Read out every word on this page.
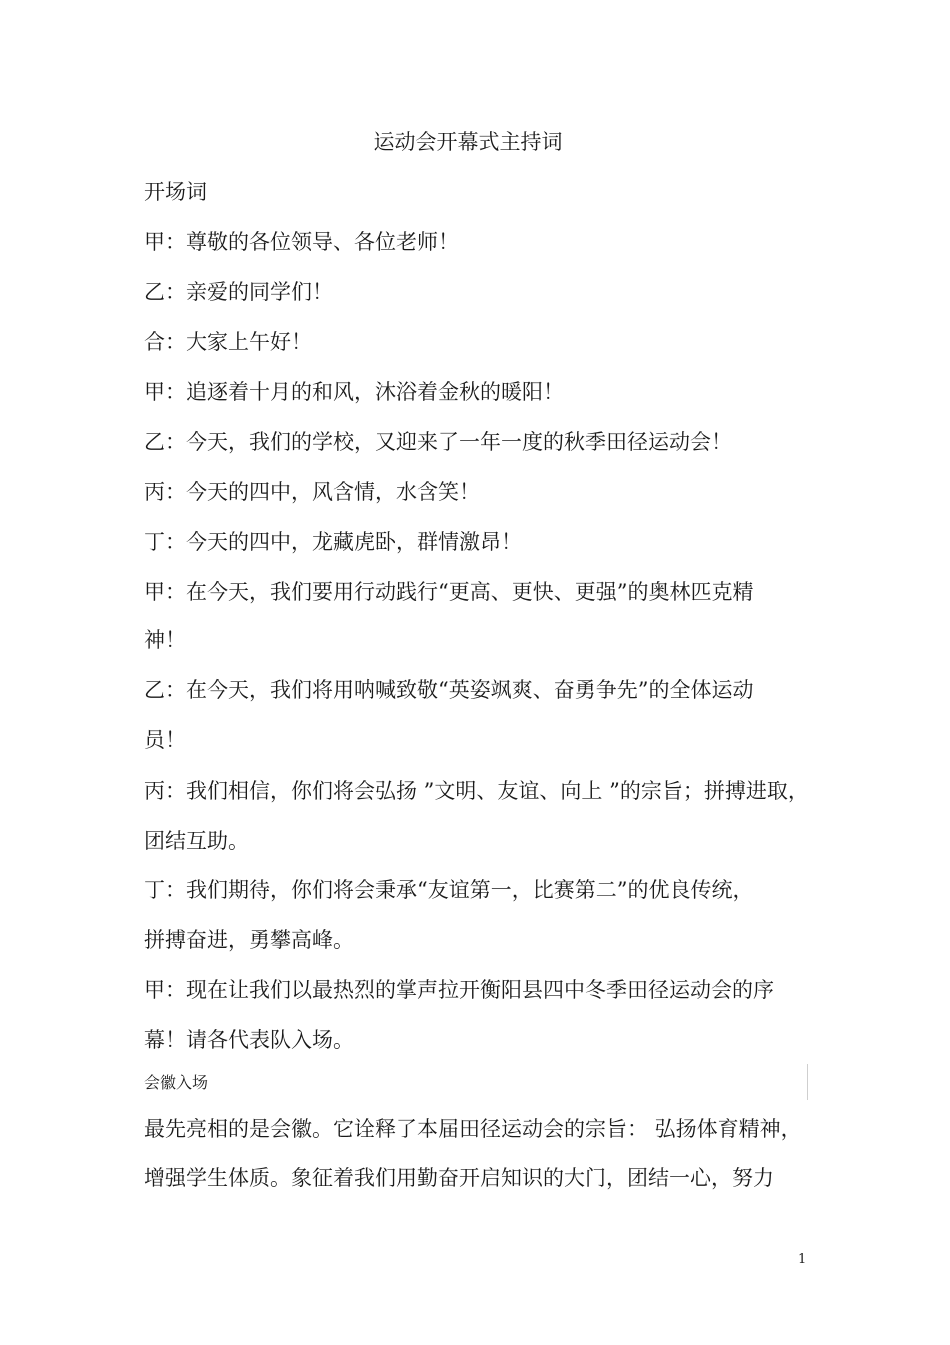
运动会开幕式主持词
开场词
甲：尊敬的各位领导、各位老师！
乙：亲爱的同学们！
合：大家上午好！
甲：追逐着十月的和风，沐浴着金秋的暖阳！
乙：今天，我们的学校，又迎来了一年一度的秋季田径运动会！
丙：今天的四中，风含情，水含笑！
丁：今天的四中，龙藏虎卧，群情激昂！
甲：在今天，我们要用行动践行“更高、更快、更强”的奥林匹克精
神！
乙：在今天，我们将用呐喊致敬“英姿飒爽、奋勇争先”的全体运动
员！
丙：我们相信，你们将会弘扬 ”文明、友谊、向上 ”的宗旨；拼搏进取，
团结互助。
丁：我们期待，你们将会秉承“友谊第一，比赛第二”的优良传统，
拼搏奋进，勇攀高峰。
甲：现在让我们以最热烈的掌声拉开衡阳县四中冬季田径运动会的序
幕！请各代表队入场。
会徽入场
最先亮相的是会徽。它诠释了本届田径运动会的宗旨： 弘扬体育精神，
增强学生体质。象征着我们用勤奋开启知识的大门，团结一心，努力
1
